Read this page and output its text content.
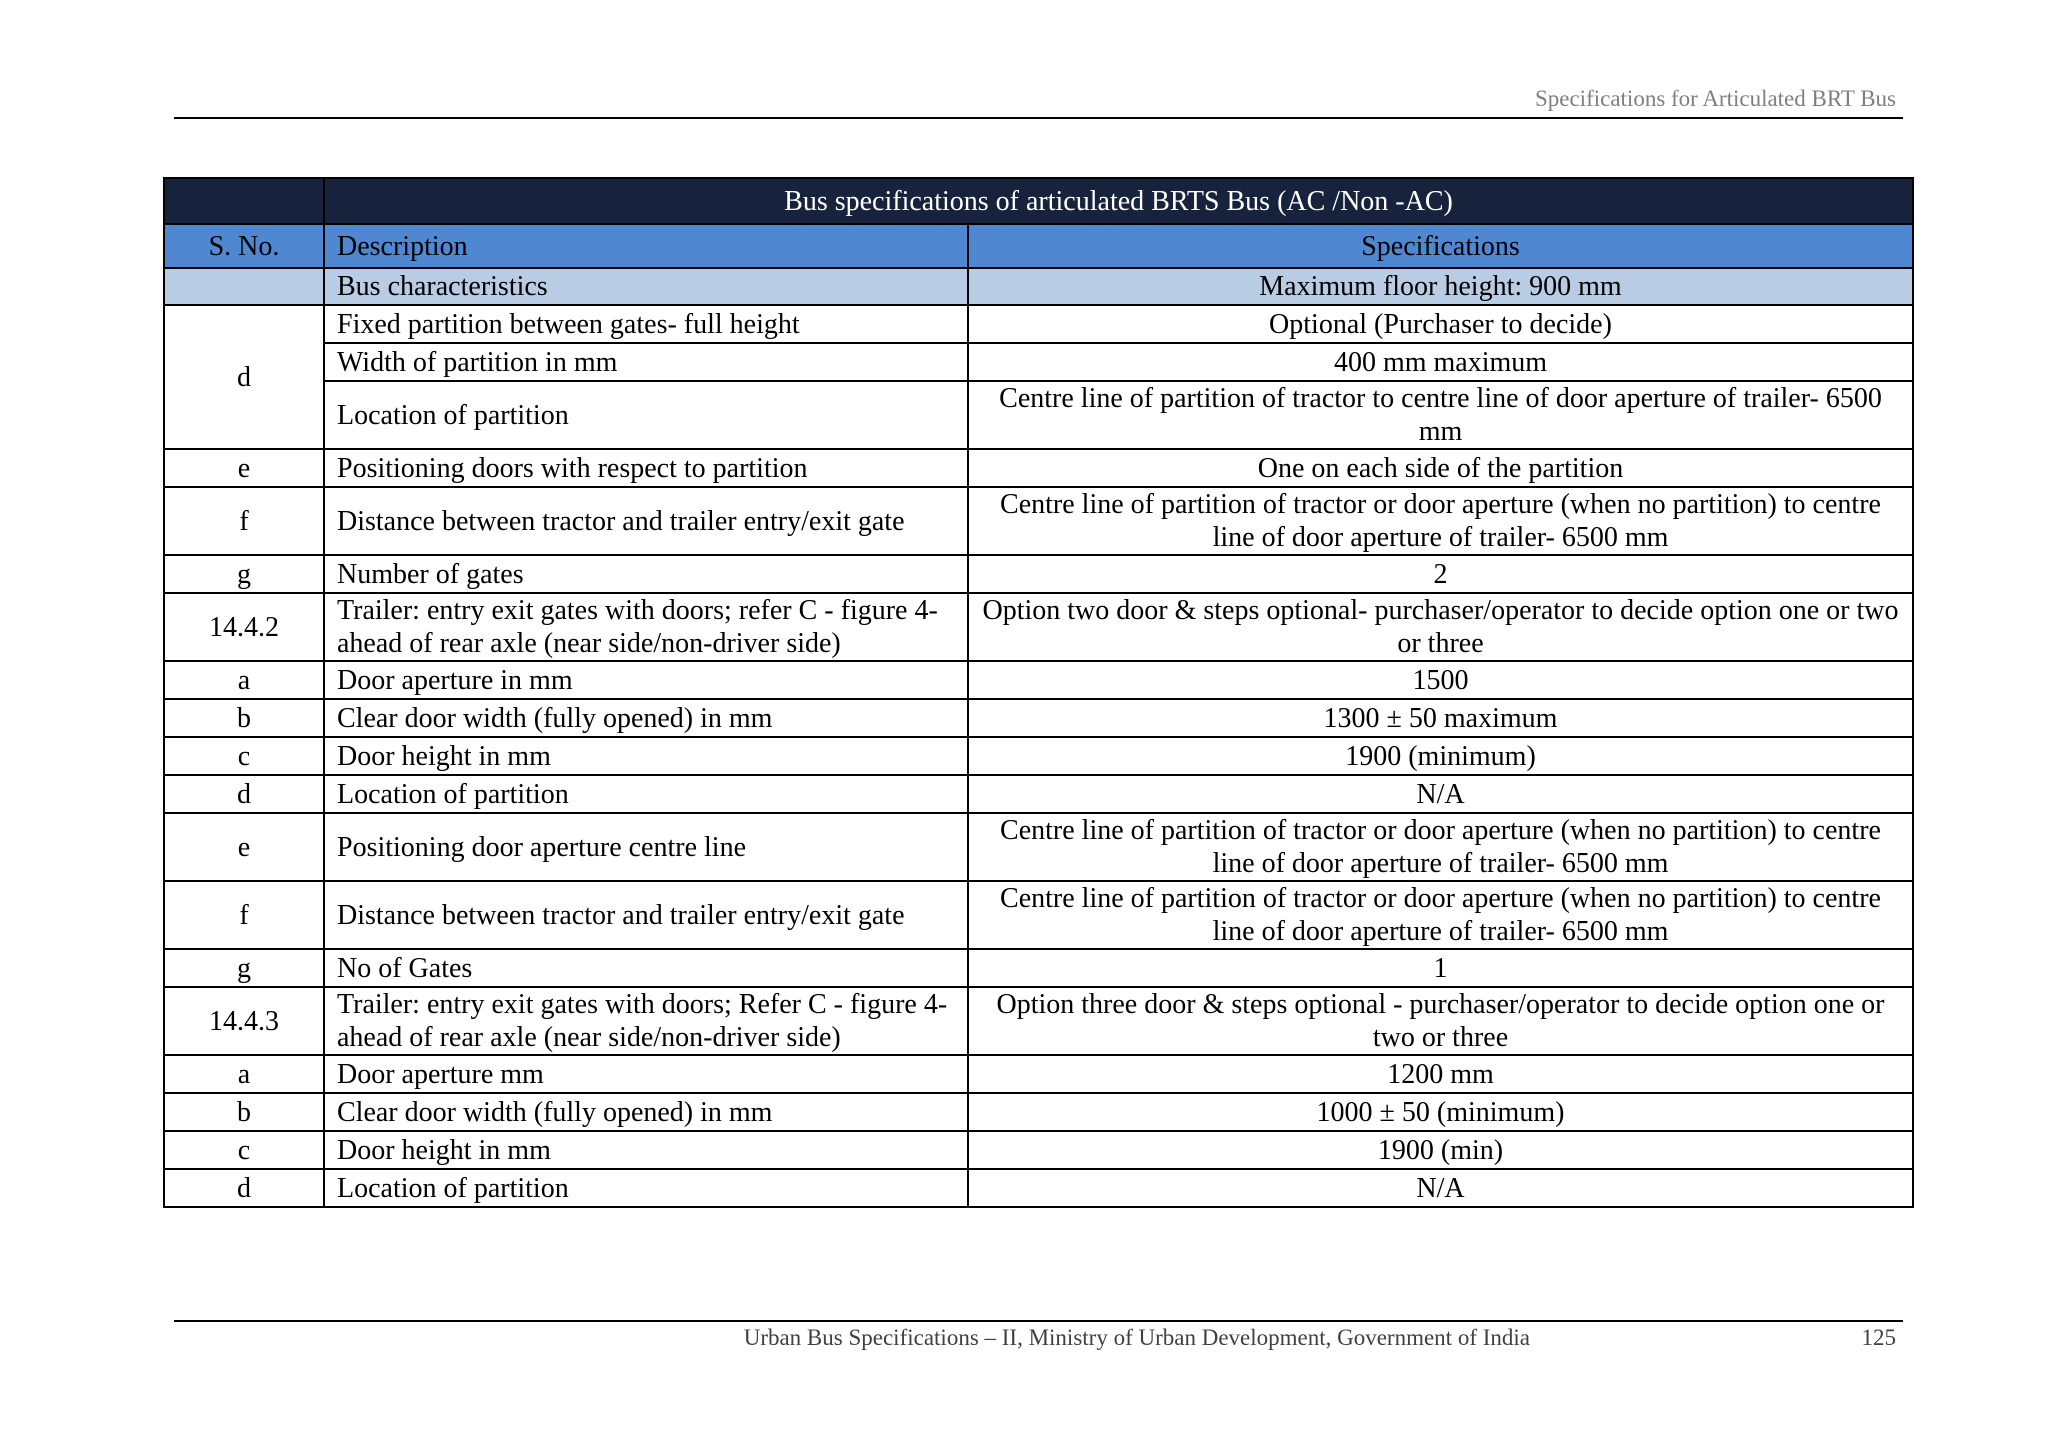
Specifications for Articulated BRT Bus
	Bus specifications of articulated BRTS Bus (AC /Non -AC)	
S. No.	Description	Specifications
	Bus characteristics	Maximum floor height: 900 mm
d	Fixed partition between gates- full height	Optional (Purchaser to decide)
	Width of partition in mm	400 mm maximum
	Location of partition	Centre line of partition of tractor to centre line of door aperture of trailer- 6500 mm
e	Positioning doors with respect to partition	One on each side of the partition
f	Distance between tractor and trailer entry/exit gate	Centre line of partition of tractor or door aperture (when no partition) to centre line of door aperture of trailer- 6500 mm
g	Number of gates	2
14.4.2	Trailer: entry exit gates with doors; refer C - figure 4-ahead of rear axle (near side/non-driver side)	Option two door & steps optional- purchaser/operator to decide option one or two or three
a	Door aperture in mm	1500
b	Clear door width (fully opened) in mm	1300 ± 50 maximum
c	Door height in mm	1900 (minimum)
d	Location of partition	N/A
e	Positioning door aperture centre line	Centre line of partition of tractor or door aperture (when no partition) to centre line of door aperture of trailer- 6500 mm
f	Distance between tractor and trailer entry/exit gate	Centre line of partition of tractor or door aperture (when no partition) to centre line of door aperture of trailer- 6500 mm
g	No of Gates	1
14.4.3	Trailer: entry exit gates with doors; Refer C - figure 4-ahead of rear axle (near side/non-driver side)	Option three door & steps optional - purchaser/operator to decide option one or two or three
a	Door aperture mm	1200 mm
b	Clear door width (fully opened) in mm	1000 ± 50 (minimum)
c	Door height in mm	1900 (min)
d	Location of partition	N/A
Urban Bus Specifications – II, Ministry of Urban Development, Government of India	125
